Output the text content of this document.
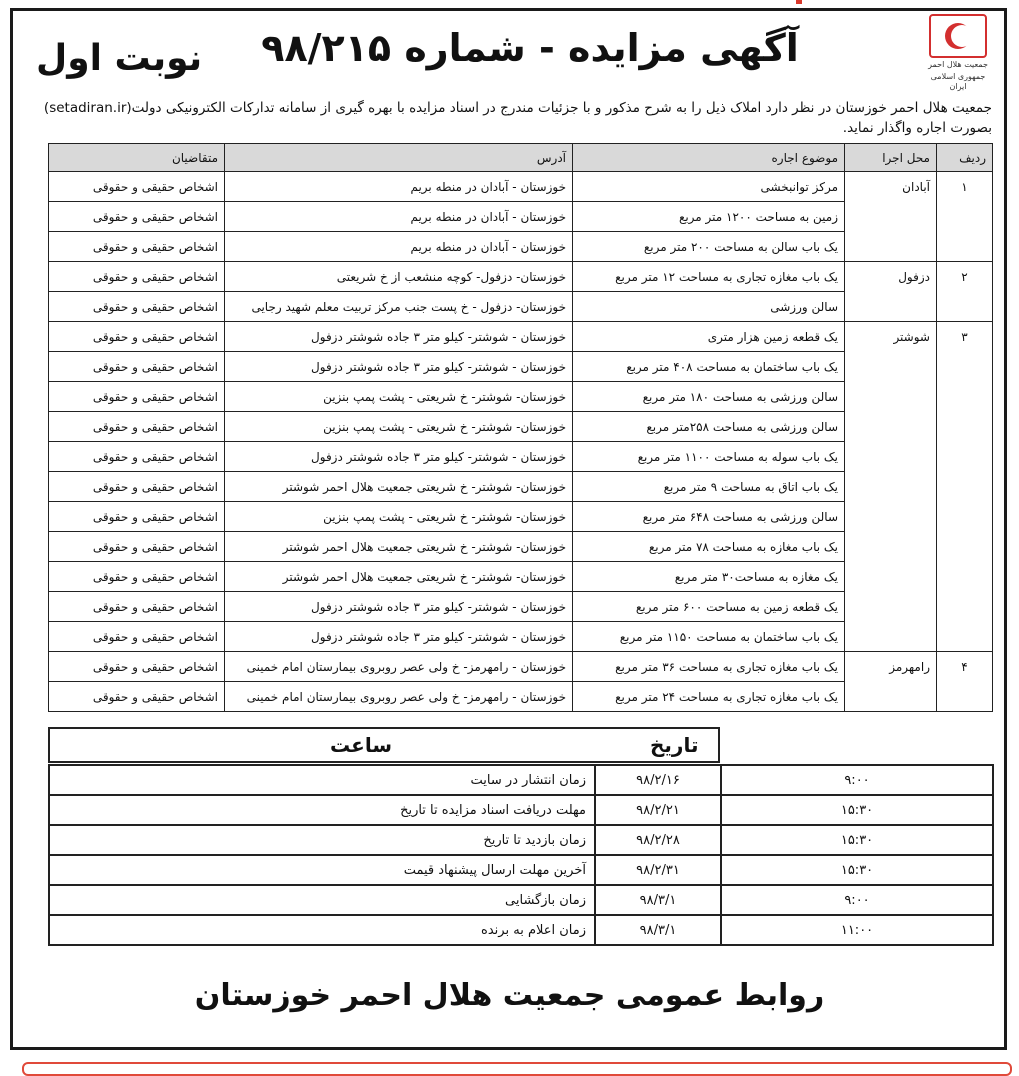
جمعیت هلال احمر
جمهوری اسلامی ایران
آگهی مزایده - شماره ۹۸/۲۱۵
نوبت اول
جمعیت هلال احمر خوزستان در نظر دارد املاک ذیل را به شرح مذکور و با جزئیات مندرج در اسناد مزایده با بهره گیری از سامانه تدارکات الکترونیکی دولت(setadiran.ir) بصورت اجاره واگذار نماید.
ردیف	محل اجرا	موضوع اجاره	آدرس	متقاضیان
۱	آبادان	مرکز توانبخشی	خوزستان - آبادان در منطه بریم	اشخاص حقیقی و حقوقی
		زمین به مساحت ۱۲۰۰ متر مربع	خوزستان - آبادان در منطه بریم	اشخاص حقیقی و حقوقی
		یک باب سالن به مساحت ۲۰۰ متر مربع	خوزستان - آبادان در منطه بریم	اشخاص حقیقی و حقوقی
۲	دزفول	یک باب مغازه تجاری به مساحت ۱۲ متر مربع	خوزستان- دزفول- کوچه منشعب از خ شریعتی	اشخاص حقیقی و حقوقی
		سالن ورزشی	خوزستان- دزفول - خ پست جنب مرکز تربیت معلم شهید رجایی	اشخاص حقیقی و حقوقی
۳	شوشتر	یک قطعه زمین هزار متری	خوزستان - شوشتر- کیلو متر ۳ جاده شوشتر دزفول	اشخاص حقیقی و حقوقی
		یک باب ساختمان به مساحت ۴۰۸ متر مربع	خوزستان - شوشتر- کیلو متر ۳ جاده شوشتر دزفول	اشخاص حقیقی و حقوقی
		سالن ورزشی به مساحت ۱۸۰ متر مربع	خوزستان- شوشتر- خ شریعتی - پشت پمپ بنزین	اشخاص حقیقی و حقوقی
		سالن ورزشی به مساحت ۲۵۸متر مربع	خوزستان- شوشتر- خ شریعتی - پشت پمپ بنزین	اشخاص حقیقی و حقوقی
		یک باب سوله به مساحت ۱۱۰۰ متر مربع	خوزستان - شوشتر- کیلو متر ۳ جاده شوشتر دزفول	اشخاص حقیقی و حقوقی
		یک باب اتاق به مساحت ۹ متر مربع	خوزستان- شوشتر- خ شریعتی جمعیت هلال احمر شوشتر	اشخاص حقیقی و حقوقی
		سالن ورزشی به مساحت ۶۴۸ متر مربع	خوزستان- شوشتر- خ شریعتی - پشت پمپ بنزین	اشخاص حقیقی و حقوقی
		یک باب مغازه به مساحت ۷۸ متر مربع	خوزستان- شوشتر- خ شریعتی جمعیت هلال احمر شوشتر	اشخاص حقیقی و حقوقی
		یک مغازه به مساحت۳۰ متر مربع	خوزستان- شوشتر- خ شریعتی جمعیت هلال احمر شوشتر	اشخاص حقیقی و حقوقی
		یک قطعه زمین به مساحت ۶۰۰ متر مربع	خوزستان - شوشتر- کیلو متر ۳ جاده شوشتر دزفول	اشخاص حقیقی و حقوقی
		یک باب ساختمان به مساحت ۱۱۵۰ متر مربع	خوزستان - شوشتر- کیلو متر ۳ جاده شوشتر دزفول	اشخاص حقیقی و حقوقی
۴	رامهرمز	یک باب مغازه تجاری به مساحت ۳۶ متر مربع	خوزستان - رامهرمز- خ ولی عصر روبروی بیمارستان امام خمینی	اشخاص حقیقی و حقوقی
		یک باب مغازه تجاری به مساحت ۲۴ متر مربع	خوزستان - رامهرمز- خ ولی عصر روبروی بیمارستان امام خمینی	اشخاص حقیقی و حقوقی
تاریخ
ساعت
۹:۰۰	۹۸/۲/۱۶	زمان انتشار در سایت
۱۵:۳۰	۹۸/۲/۲۱	مهلت دریافت اسناد مزایده تا تاریخ
۱۵:۳۰	۹۸/۲/۲۸	زمان بازدید تا تاریخ
۱۵:۳۰	۹۸/۲/۳۱	آخرین مهلت ارسال پیشنهاد قیمت
۹:۰۰	۹۸/۳/۱	زمان بازگشایی
۱۱:۰۰	۹۸/۳/۱	زمان اعلام به برنده
روابط عمومی جمعیت هلال احمر خوزستان
